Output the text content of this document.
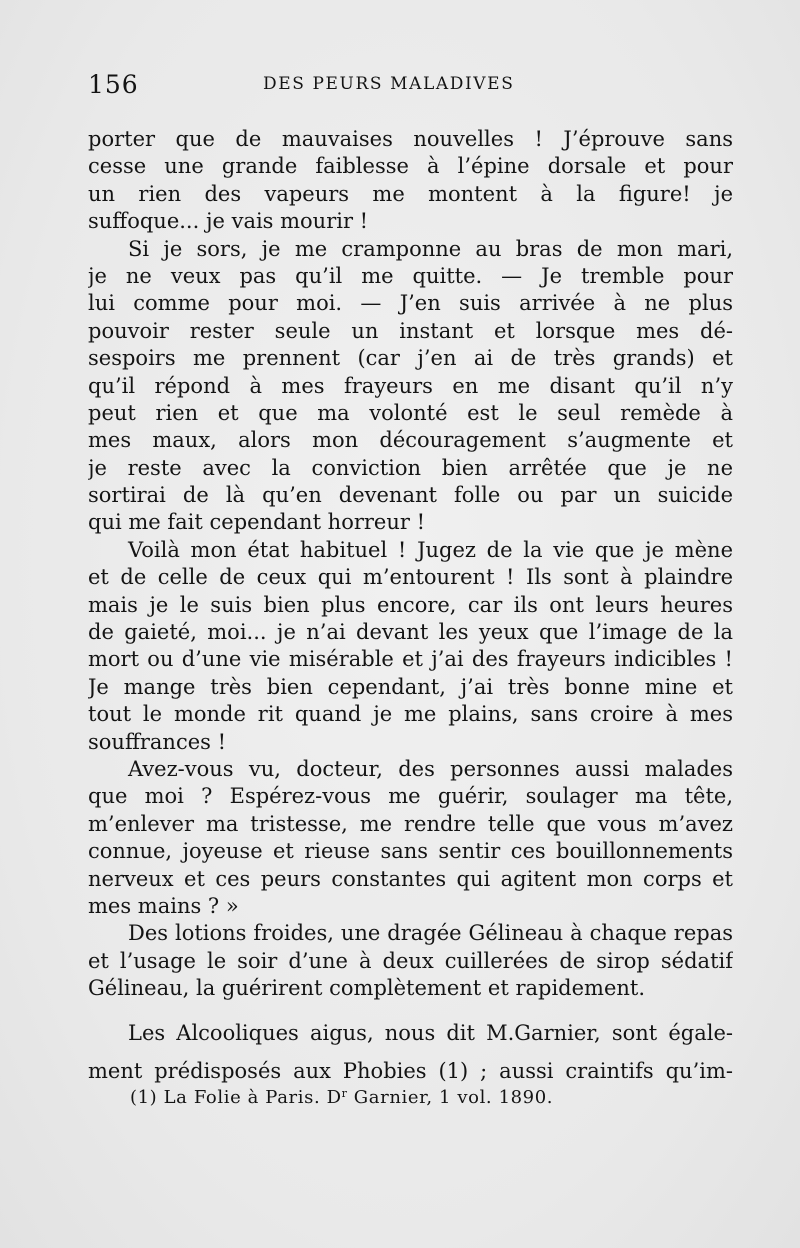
156	DES PEURS MALADIVES
porter que de mauvaises nouvelles ! J’éprouve sans
cesse une grande faiblesse à l’épine dorsale et pour
un rien des vapeurs me montent à la figure! je
suffoque... je vais mourir !
Si je sors, je me cramponne au bras de mon mari,
je ne veux pas qu’il me quitte. — Je tremble pour
lui comme pour moi. — J’en suis arrivée à ne plus
pouvoir rester seule un instant et lorsque mes dé-
sespoirs me prennent (car j’en ai de très grands) et
qu’il répond à mes frayeurs en me disant qu’il n’y
peut rien et que ma volonté est le seul remède à
mes maux, alors mon découragement s’augmente et
je reste avec la conviction bien arrêtée que je ne
sortirai de là qu’en devenant folle ou par un suicide
qui me fait cependant horreur !
Voilà mon état habituel ! Jugez de la vie que je mène
et de celle de ceux qui m’entourent ! Ils sont à plaindre
mais je le suis bien plus encore, car ils ont leurs heures
de gaieté, moi... je n’ai devant les yeux que l’image de la
mort ou d’une vie misérable et j’ai des frayeurs indicibles !
Je mange très bien cependant, j’ai très bonne mine et
tout le monde rit quand je me plains, sans croire à mes
souffrances !
Avez-vous vu, docteur, des personnes aussi malades
que moi ? Espérez-vous me guérir, soulager ma tête,
m’enlever ma tristesse, me rendre telle que vous m’avez
connue, joyeuse et rieuse sans sentir ces bouillonnements
nerveux et ces peurs constantes qui agitent mon corps et
mes mains ? »
Des lotions froides, une dragée Gélineau à chaque repas
et l’usage le soir d’une à deux cuillerées de sirop sédatif
Gélineau, la guérirent complètement et rapidement.
Les Alcooliques aigus, nous dit M.Garnier, sont égale-
ment prédisposés aux Phobies (1) ; aussi craintifs qu’im-
(1) La Folie à Paris. $D^r$ Garnier, 1 vol. 1890.
